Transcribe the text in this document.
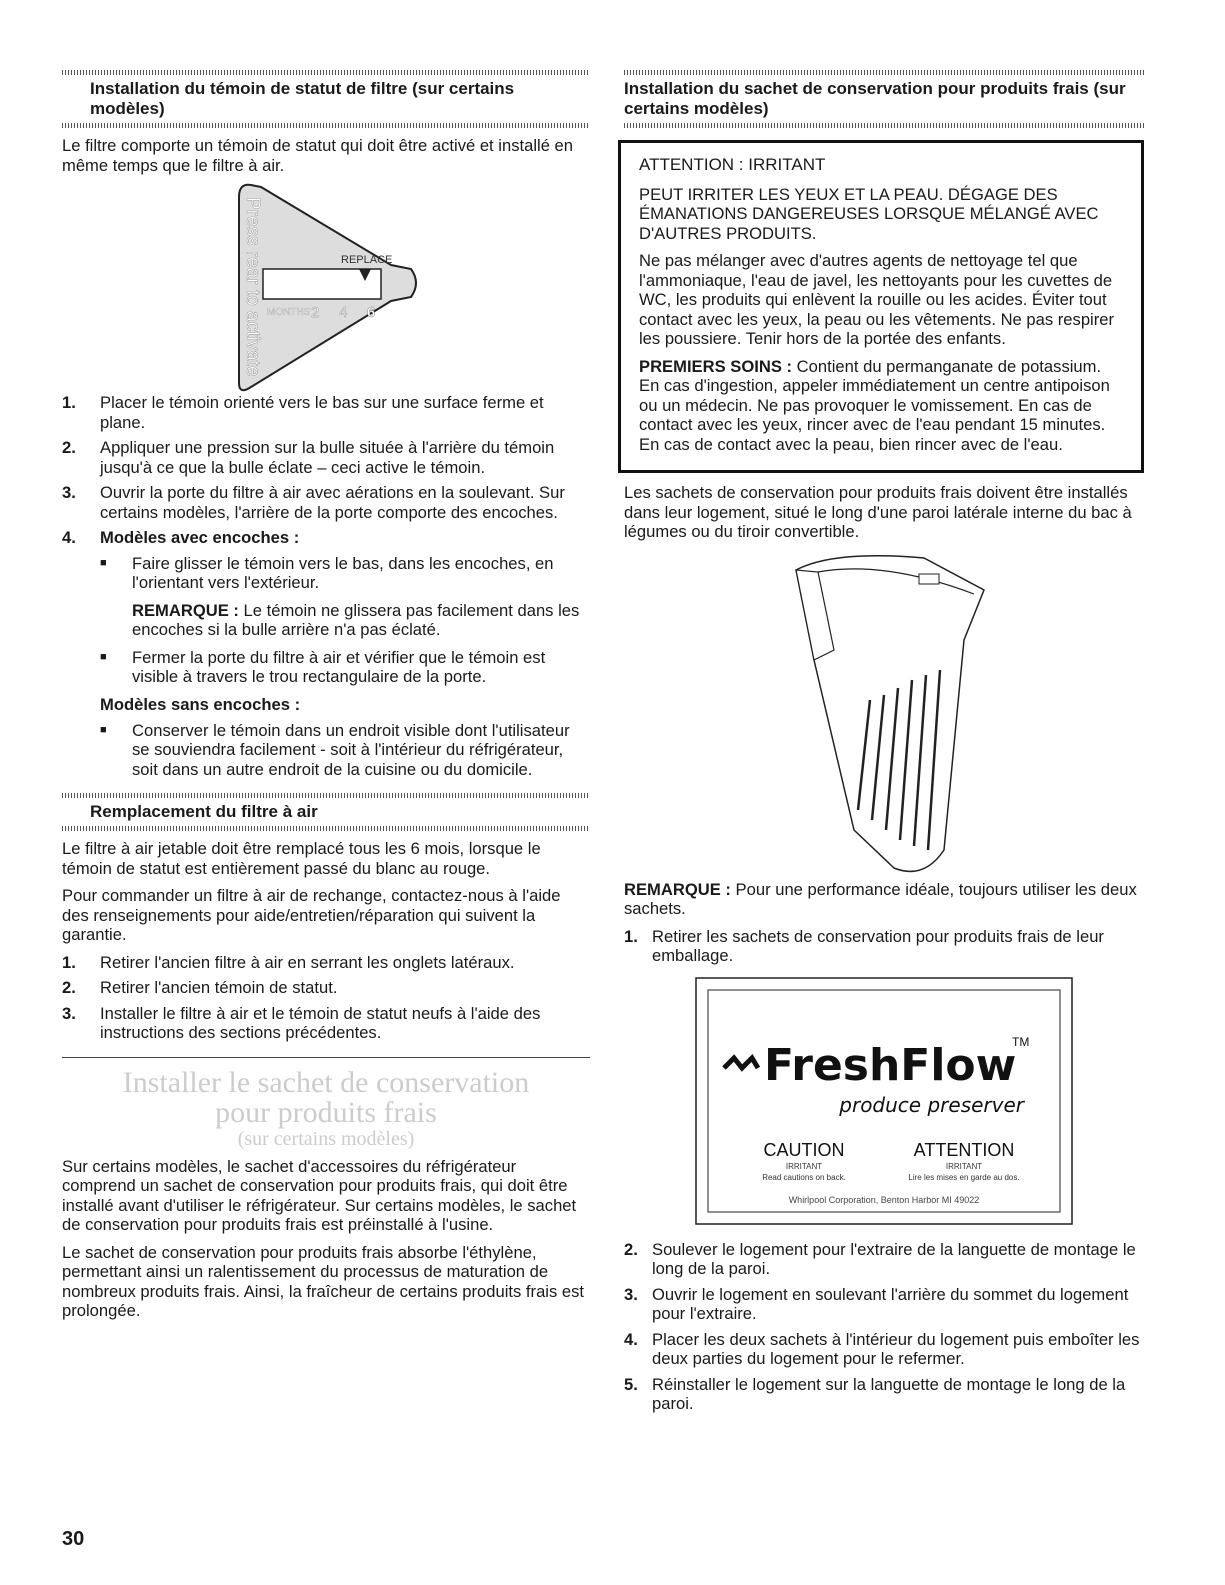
Installation du témoin de statut de filtre (sur certains modèles)

Le filtre comporte un témoin de statut qui doit être activé et installé en même temps que le filtre à air.

Press rear to activate	REPLACE
MONTHS 2 4 6
1.	Placer le témoin orienté vers le bas sur une surface ferme et plane.
2.	Appliquer une pression sur la bulle située à l'arrière du témoin jusqu'à ce que la bulle éclate – ceci active le témoin.
3.	Ouvrir la porte du filtre à air avec aérations en la soulevant. Sur certains modèles, l'arrière de la porte comporte des encoches.
4.	Modèles avec encoches :
■	Faire glisser le témoin vers le bas, dans les encoches, en l'orientant vers l'extérieur.
REMARQUE : Le témoin ne glissera pas facilement dans les encoches si la bulle arrière n'a pas éclaté.
■	Fermer la porte du filtre à air et vérifier que le témoin est visible à travers le trou rectangulaire de la porte.
Modèles sans encoches :
■	Conserver le témoin dans un endroit visible dont l'utilisateur se souviendra facilement - soit à l'intérieur du réfrigérateur, soit dans un autre endroit de la cuisine ou du domicile.
Remplacement du filtre à air

Le filtre à air jetable doit être remplacé tous les 6 mois, lorsque le témoin de statut est entièrement passé du blanc au rouge.

Pour commander un filtre à air de rechange, contactez-nous à l'aide des renseignements pour aide/entretien/réparation qui suivent la garantie.

1.	Retirer l'ancien filtre à air en serrant les onglets latéraux.
2.	Retirer l'ancien témoin de statut.
3.	Installer le filtre à air et le témoin de statut neufs à l'aide des instructions des sections précédentes.
Installer le sachet de conservation
pour produits frais
(sur certains modèles)

Sur certains modèles, le sachet d'accessoires du réfrigérateur comprend un sachet de conservation pour produits frais, qui doit être installé avant d'utiliser le réfrigérateur. Sur certains modèles, le sachet de conservation pour produits frais est préinstallé à l'usine.

Le sachet de conservation pour produits frais absorbe l'éthylène, permettant ainsi un ralentissement du processus de maturation de nombreux produits frais. Ainsi, la fraîcheur de certains produits frais est prolongée.

Installation du sachet de conservation pour produits frais (sur certains modèles)

ATTENTION : IRRITANT

PEUT IRRITER LES YEUX ET LA PEAU. DÉGAGE DES ÉMANATIONS DANGEREUSES LORSQUE MÉLANGÉ AVEC D'AUTRES PRODUITS.

Ne pas mélanger avec d'autres agents de nettoyage tel que l'ammoniaque, l'eau de javel, les nettoyants pour les cuvettes de WC, les produits qui enlèvent la rouille ou les acides. Éviter tout contact avec les yeux, la peau ou les vêtements. Ne pas respirer les poussiere. Tenir hors de la portée des enfants.

PREMIERS SOINS : Contient du permanganate de potassium. En cas d'ingestion, appeler immédiatement un centre antipoison ou un médecin. Ne pas provoquer le vomissement. En cas de contact avec les yeux, rincer avec de l'eau pendant 15 minutes. En cas de contact avec la peau, bien rincer avec de l'eau.

Les sachets de conservation pour produits frais doivent être installés dans leur logement, situé le long d'une paroi latérale interne du bac à légumes ou du tiroir convertible.

REMARQUE : Pour une performance idéale, toujours utiliser les deux sachets.

1. Retirer les sachets de conservation pour produits frais de leur emballage.
FreshFlow
TM
produce preserver
CAUTION
IRRITANT
Read cautions on back.
ATTENTION
IRRITANT
Lire les mises en garde au dos.
Whirlpool Corporation, Benton Harbor MI 49022
2. Soulever le logement pour l'extraire de la languette de montage le long de la paroi.
3. Ouvrir le logement en soulevant l'arrière du sommet du logement pour l'extraire.
4. Placer les deux sachets à l'intérieur du logement puis emboîter les deux parties du logement pour le refermer.
5. Réinstaller le logement sur la languette de montage le long de la paroi.
30
